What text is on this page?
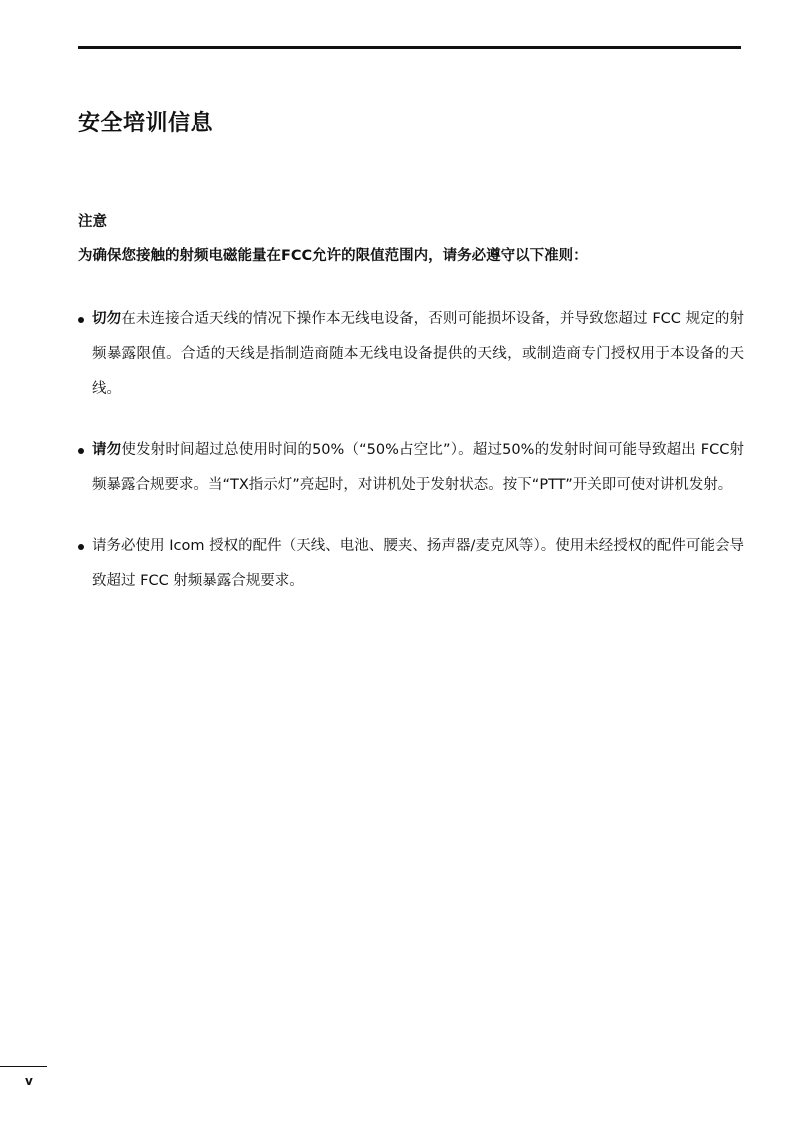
安全培训信息
注意

为确保您接触的射频电磁能量在FCC允许的限值范围内，请务必遵守以下准则：

切勿在未连接合适天线的情况下操作本无线电设备，否则可能损坏设备，并导致您超过 FCC 规定的射频暴露限值。合适的天线是指制造商随本无线电设备提供的天线，或制造商专门授权用于本设备的天线。
请勿使发射时间超过总使用时间的50%（“50%占空比”）。超过50%的发射时间可能导致超出 FCC射频暴露合规要求。当“TX指示灯”亮起时，对讲机处于发射状态。按下“PTT”开关即可使对讲机发射。
请务必使用 Icom 授权的配件（天线、电池、腰夹、扬声器/麦克风等）。使用未经授权的配件可能会导致超过 FCC 射频暴露合规要求。
v
